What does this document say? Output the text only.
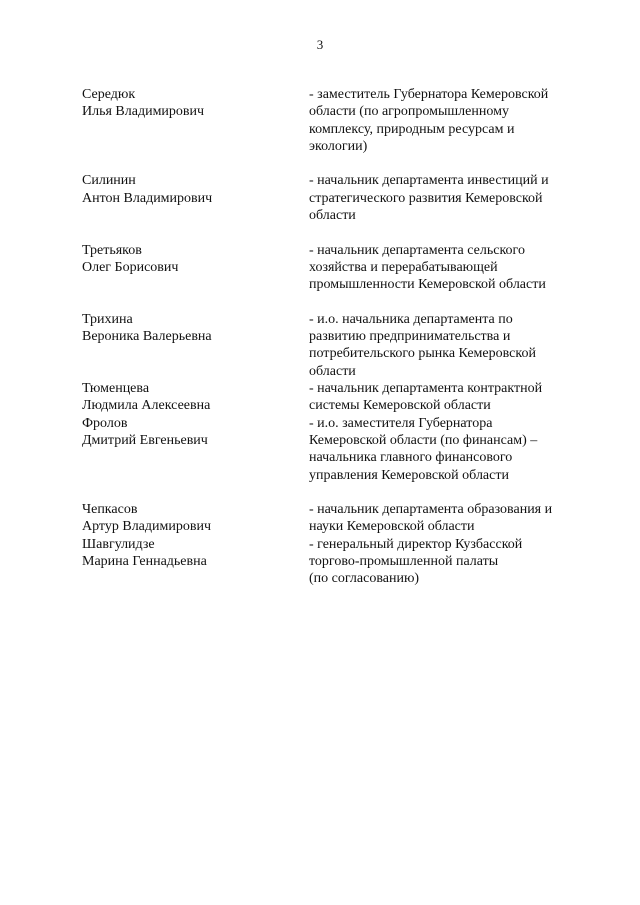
3
Середюк
Илья Владимирович
- заместитель Губернатора Кемеровской
области (по агропромышленному
комплексу, природным ресурсам и
экологии)
Силинин
Антон Владимирович
- начальник департамента инвестиций и
стратегического развития Кемеровской
области
Третьяков
Олег Борисович
- начальник департамента сельского
хозяйства и перерабатывающей
промышленности Кемеровской области
Трихина
Вероника Валерьевна
- и.о. начальника департамента по
развитию предпринимательства и
потребительского рынка Кемеровской
области
Тюменцева
Людмила Алексеевна
- начальник департамента контрактной
системы Кемеровской области
Фролов
Дмитрий Евгеньевич
- и.о. заместителя Губернатора
Кемеровской области (по финансам) –
начальника главного финансового
управления Кемеровской области
Чепкасов
Артур Владимирович
- начальник департамента образования и
науки Кемеровской области
Шавгулидзе
Марина Геннадьевна
- генеральный директор Кузбасской
торгово-промышленной палаты
(по согласованию)
